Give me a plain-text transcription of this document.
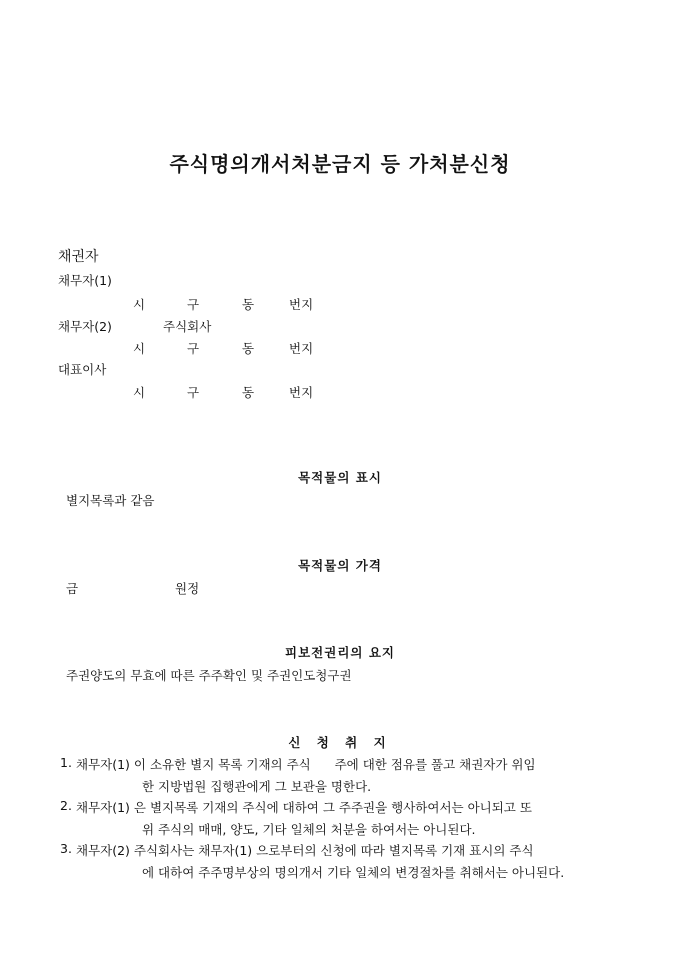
주식명의개서처분금지 등 가처분신청
채권자
채무자(1)
시	구	동	번지
채무자(2)	주식회사
시	구	동	번지
대표이사
시	구	동	번지
목적물의 표시
별지목록과 같음
목적물의 가격
금	원정
피보전권리의 요지
주권양도의 무효에 따른 주주확인 및 주권인도청구권
신 청 취 지
1. 채무자(1) 이 소유한 별지 목록 기재의 주식      주에 대한 점유를 풀고 채권자가 위임
한 지방법원 집행관에게 그 보관을 명한다.
2. 채무자(1) 은 별지목록 기재의 주식에 대하여 그 주주권을 행사하여서는 아니되고 또
위 주식의 매매, 양도, 기타 일체의 처분을 하여서는 아니된다.
3. 채무자(2) 주식회사는 채무자(1) 으로부터의 신청에 따라 별지목록 기재 표시의 주식
에 대하여 주주명부상의 명의개서 기타 일체의 변경절차를 취해서는 아니된다.
